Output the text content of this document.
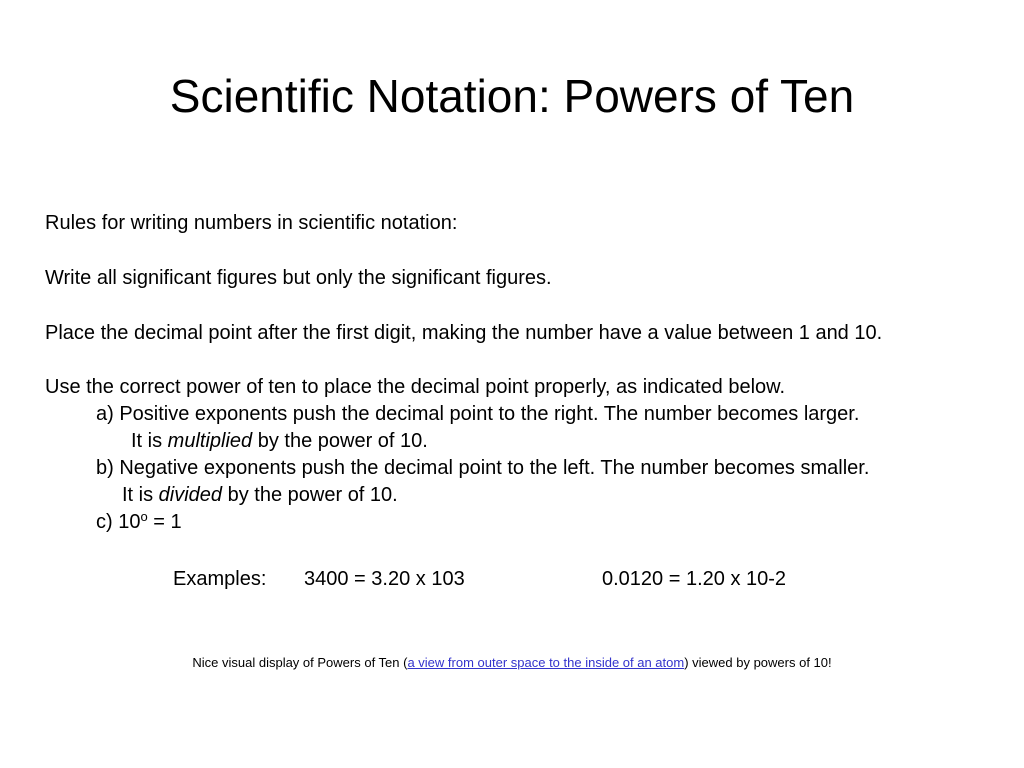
Scientific Notation: Powers of Ten
Rules for writing numbers in scientific notation:
Write all significant figures but only the significant figures.
Place the decimal point after the first digit, making the number have a value between 1 and 10.
Use the correct power of ten to place the decimal point properly, as indicated below.
a) Positive exponents push the decimal point to the right. The number becomes larger.
It is multiplied by the power of 10.
b) Negative exponents push the decimal point to the left. The number becomes smaller.
It is divided by the power of 10.
c) $10^o = 1$
Examples: 3400 = 3.20 x 103	0.0120 = 1.20 x 10-2
Nice visual display of Powers of Ten (a view from outer space to the inside of an atom) viewed by powers of 10!
